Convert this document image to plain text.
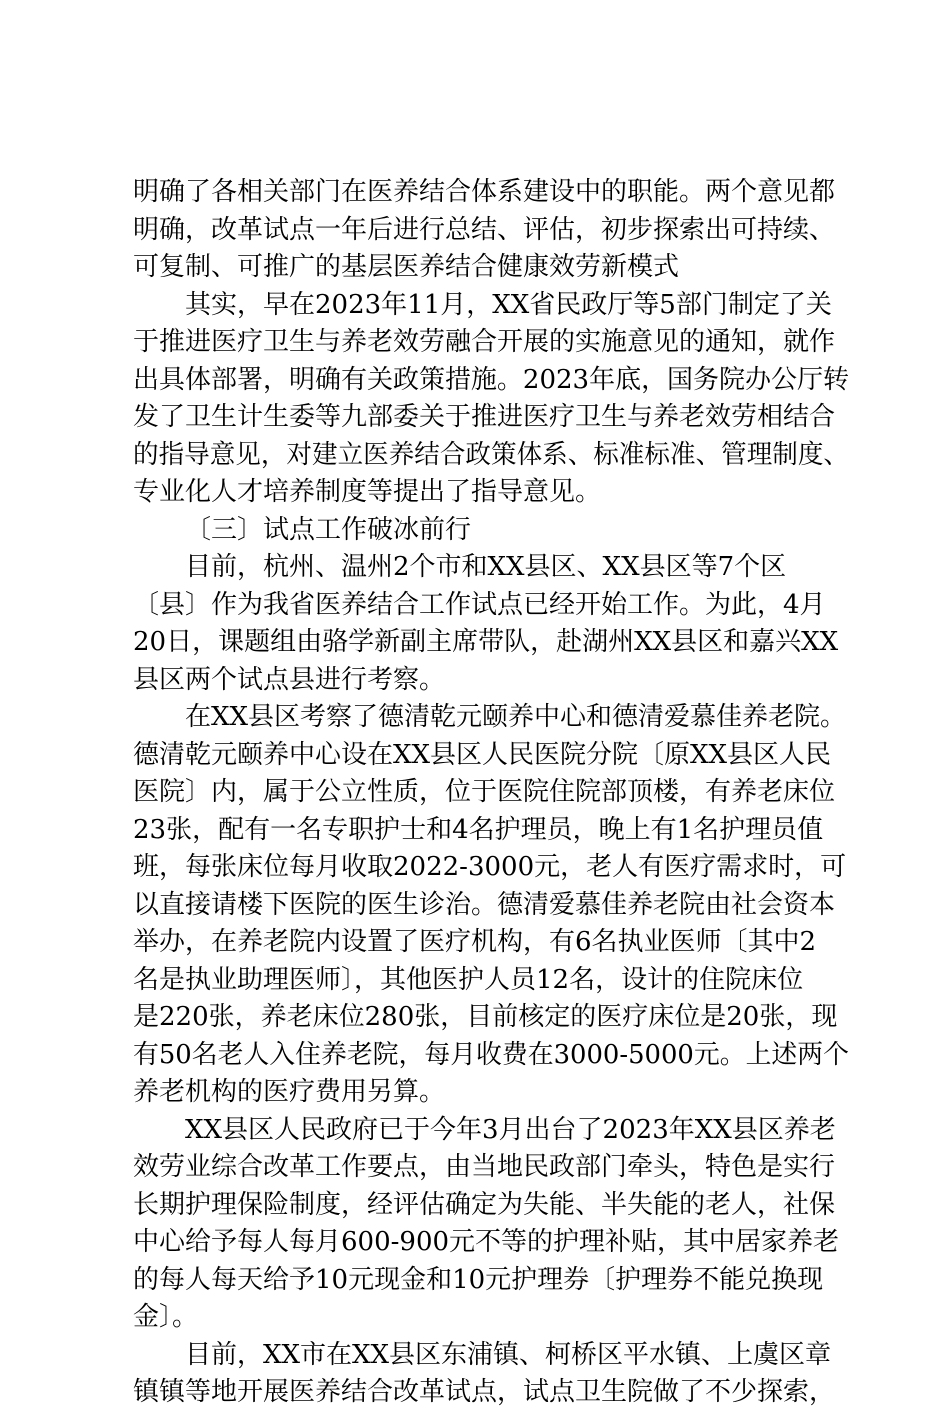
明确了各相关部门在医养结合体系建设中的职能。两个意见都
明确，改革试点一年后进行总结、评估，初步探索出可持续、
可复制、可推广的基层医养结合健康效劳新模式
其实，早在2023年11月，XX省民政厅等5部门制定了关
于推进医疗卫生与养老效劳融合开展的实施意见的通知，就作
出具体部署，明确有关政策措施。2023年底，国务院办公厅转
发了卫生计生委等九部委关于推进医疗卫生与养老效劳相结合
的指导意见，对建立医养结合政策体系、标准标准、管理制度、
专业化人才培养制度等提出了指导意见。
〔三〕试点工作破冰前行
目前，杭州、温州2个市和XX县区、XX县区等7个区
〔县〕作为我省医养结合工作试点已经开始工作。为此，4月
20日，课题组由骆学新副主席带队，赴湖州XX县区和嘉兴XX
县区两个试点县进行考察。
在XX县区考察了德清乾元颐养中心和德清爱慕佳养老院。
德清乾元颐养中心设在XX县区人民医院分院〔原XX县区人民
医院〕内，属于公立性质，位于医院住院部顶楼，有养老床位
23张，配有一名专职护士和4名护理员，晚上有1名护理员值
班，每张床位每月收取2022-3000元，老人有医疗需求时，可
以直接请楼下医院的医生诊治。德清爱慕佳养老院由社会资本
举办，在养老院内设置了医疗机构，有6名执业医师〔其中2
名是执业助理医师〕，其他医护人员12名，设计的住院床位
是220张，养老床位280张，目前核定的医疗床位是20张，现
有50名老人入住养老院，每月收费在3000-5000元。上述两个
养老机构的医疗费用另算。
XX县区人民政府已于今年3月出台了2023年XX县区养老
效劳业综合改革工作要点，由当地民政部门牵头，特色是实行
长期护理保险制度，经评估确定为失能、半失能的老人，社保
中心给予每人每月600-900元不等的护理补贴，其中居家养老
的每人每天给予10元现金和10元护理券〔护理券不能兑换现
金〕。
目前，XX市在XX县区东浦镇、柯桥区平水镇、上虞区章
镇镇等地开展医养结合改革试点，试点卫生院做了不少探索，
